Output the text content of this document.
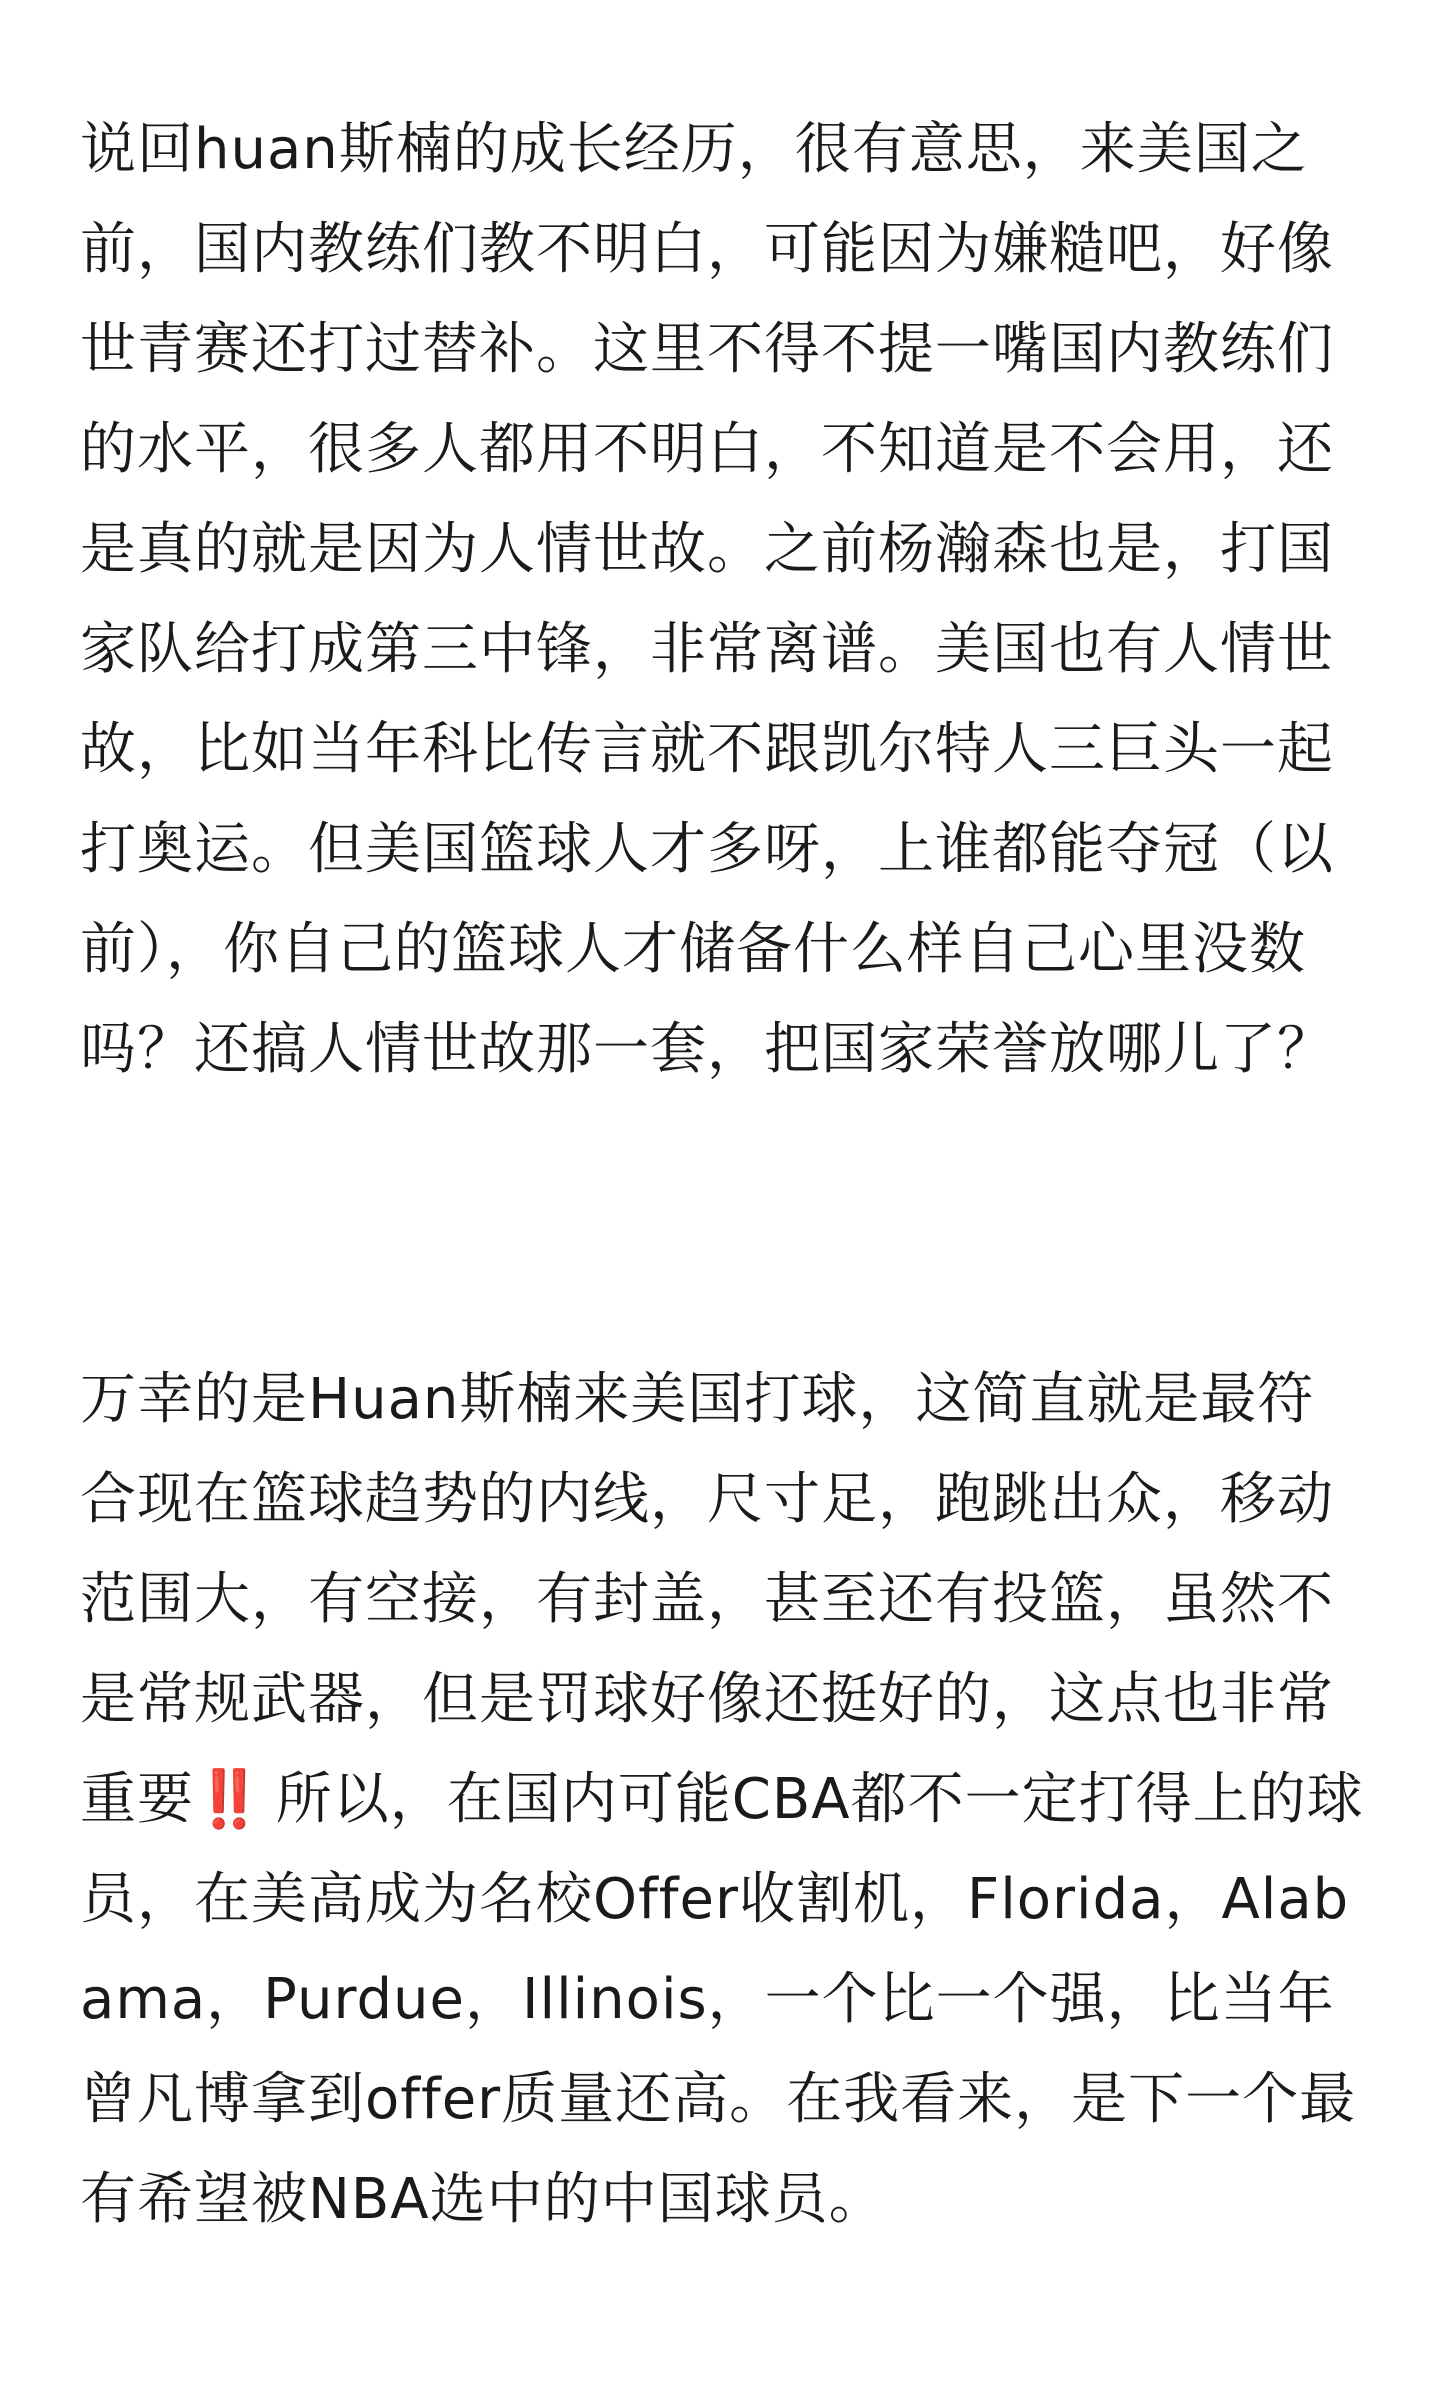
说回huan斯楠的成长经历，很有意思，来美国之
前，国内教练们教不明白，可能因为嫌糙吧，好像
世青赛还打过替补。这里不得不提一嘴国内教练们
的水平，很多人都用不明白，不知道是不会用，还
是真的就是因为人情世故。之前杨瀚森也是，打国
家队给打成第三中锋，非常离谱。美国也有人情世
故，比如当年科比传言就不跟凯尔特人三巨头一起
打奥运。但美国篮球人才多呀，上谁都能夺冠（以
前），你自己的篮球人才储备什么样自己心里没数
吗？还搞人情世故那一套，把国家荣誉放哪儿了？
万幸的是Huan斯楠来美国打球，这简直就是最符
合现在篮球趋势的内线，尺寸足，跑跳出众，移动
范围大，有空接，有封盖，甚至还有投篮，虽然不
是常规武器，但是罚球好像还挺好的，这点也非常
重要‼️ 所以，在国内可能CBA都不一定打得上的球
员，在美高成为名校Offer收割机，Florida，Alab
ama，Purdue，Illinois，一个比一个强，比当年
曾凡博拿到offer质量还高。在我看来，是下一个最
有希望被NBA选中的中国球员。
